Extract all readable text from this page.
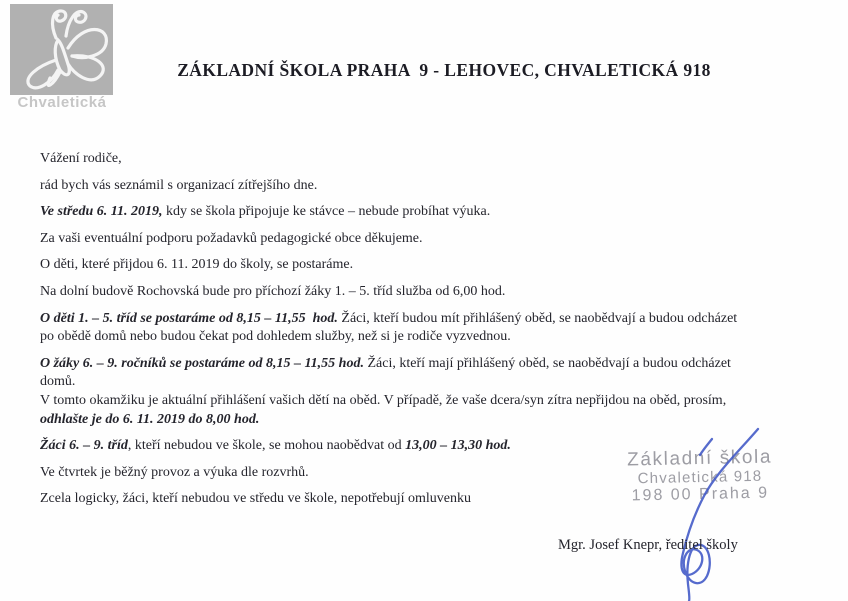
Chvaletická
ZÁKLADNÍ ŠKOLA PRAHA  9 - LEHOVEC, CHVALETICKÁ 918

Vážení rodiče,

rád bych vás seznámil s organizací zítřejšího dne.

Ve středu 6. 11. 2019, kdy se škola připojuje ke stávce – nebude probíhat výuka.

Za vaši eventuální podporu požadavků pedagogické obce děkujeme.

O děti, které přijdou 6. 11. 2019 do školy, se postaráme.

Na dolní budově Rochovská bude pro příchozí žáky 1. – 5. tříd služba od 6,00 hod.

O děti 1. – 5. tříd se postaráme od 8,15 – 11,55  hod. Žáci, kteří budou mít přihlášený oběd, se naobědvají a budou odcházet
po obědě domů nebo budou čekat pod dohledem služby, než si je rodiče vyzvednou.

O žáky 6. – 9. ročníků se postaráme od 8,15 – 11,55 hod. Žáci, kteří mají přihlášený oběd, se naobědvají a budou odcházet
domů.
V tomto okamžiku je aktuální přihlášení vašich dětí na oběd. V případě, že vaše dcera/syn zítra nepřijdou na oběd, prosím,
odhlašte je do 6. 11. 2019 do 8,00 hod.

Žáci 6. – 9. tříd, kteří nebudou ve škole, se mohou naobědvat od 13,00 – 13,30 hod.

Ve čtvrtek je běžný provoz a výuka dle rozvrhů.

Zcela logicky, žáci, kteří nebudou ve středu ve škole, nepotřebují omluvenku

Základní škola
Chvaletická 918
198 00 Praha 9
Mgr. Josef Knepr, ředitel školy
